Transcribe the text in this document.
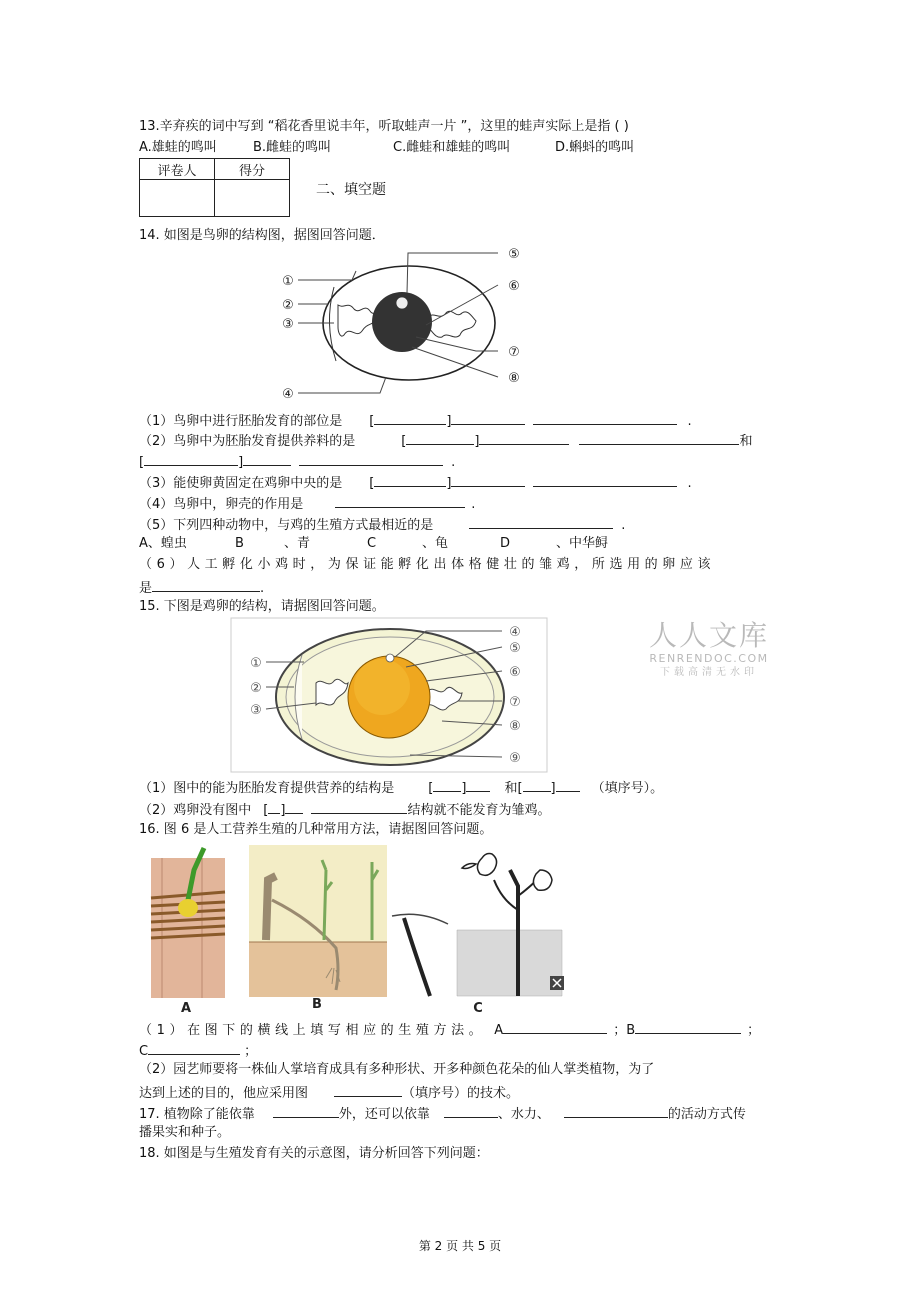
13.辛弃疾的词中写到 “稻花香里说丰年，听取蛙声一片 ”，这里的蛙声实际上是指 ( )
A.雄蛙的鸣叫	B.雌蛙的鸣叫	C.雌蛙和雄蛙的鸣叫	D.蝌蚪的鸣叫
评卷人	得分

二、填空题
14. 如图是鸟卵的结构图，据图回答问题．
①
②
③
④
⑤
⑥
⑦
⑧
（1）鸟卵中进行胚胎发育的部位是 [	]	.
（2）鸟卵中为胚胎发育提供养料的是	[	]	和
[	]	.
（3）能使卵黄固定在鸡卵中央的是 [	]	.
（4）鸟卵中，卵壳的作用是	.
（5）下列四种动物中，与鸡的生殖方式最相近的是	.
A、蝗虫	B	、青	C	、龟	D	、中华鲟
（6）人工孵化小鸡时，为保证能孵化出体格健壮的雏鸡，所选用的卵应该
是	.
15. 下图是鸡卵的结构，请据图回答问题。
①
②
③
④
⑤
⑥
⑦
⑧
⑨
人人文库
RENRENDOC.COM
下载高清无水印
（1）图中的能为胚胎发育提供营养的结构是	[ ]	和[ ]	（填序号）。
（2）鸡卵没有图中 [ ]	结构就不能发育为雏鸡。
16. 图 6 是人工营养生殖的几种常用方法，请据图回答问题。
A	B	C
（1）在图下的横线上填写相应的生殖方法。 A	；B	；
C	；
（2）园艺师要将一株仙人掌培育成具有多种形状、开多种颜色花朵的仙人掌类植物，为了
达到上述的目的，他应采用图	（填序号）的技术。
17. 植物除了能依靠	外，还可以依靠	、水力、	的活动方式传
播果实和种子。
18. 如图是与生殖发育有关的示意图，请分析回答下列问题：
第 2 页 共 5 页
